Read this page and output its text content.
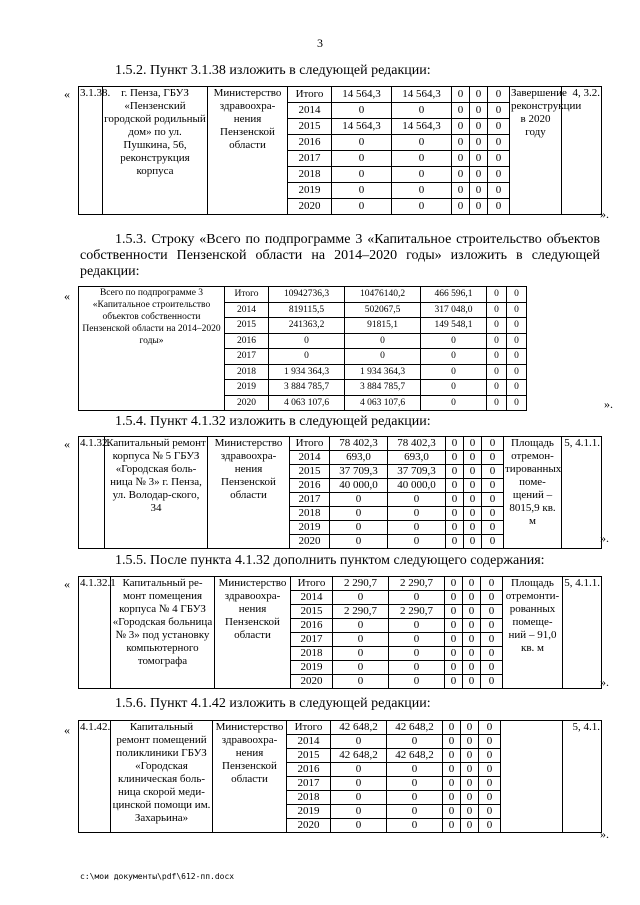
3

1.5.2. Пункт 3.1.38 изложить в следующей редакции:

« 3.1.38.	г. Пенза, ГБУЗ «Пензенский городской родильный дом» по ул. Пушкина, 56, реконструкция корпуса	Министерство здравоохра-нения Пензенской области	Итого	14 564,3	14 564,3	0	0	0	Завершение реконструкции в 2020 году	4, 3.2.
			2014	0	0	0	0	0		
			2015	14 564,3	14 564,3	0	0	0		
			2016	0	0	0	0	0		
			2017	0	0	0	0	0		
			2018	0	0	0	0	0		
			2019	0	0	0	0	0		
			2020	0	0	0	0	0		
».

1.5.3. Строку «Всего по подпрограмме 3 «Капитальное строительство объектов собственности Пензенской области на 2014–2020 годы» изложить в следующей редакции:

«	Всего по подпрограмме 3 «Капитальное строительство объектов собственности Пензенской области на 2014–2020 годы»	Итого	10942736,3	10476140,2	466 596,1	0	0
	2014	819115,5	502067,5	317 048,0	0	0
	2015	241363,2	91815,1	149 548,1	0	0
	2016	0	0	0	0	0
	2017	0	0	0	0	0
	2018	1 934 364,3	1 934 364,3	0	0	0
	2019	3 884 785,7	3 884 785,7	0	0	0
	2020	4 063 107,6	4 063 107,6	0	0	0	».

1.5.4. Пункт 4.1.32 изложить в следующей редакции:

« 4.1.32.	Капитальный ремонт корпуса № 5 ГБУЗ «Городская боль-ница № 3» г. Пенза, ул. Володар-ского, 34	Министерство здравоохра-нения Пензенской области	Итого	78 402,3	78 402,3	0	0	0	Площадь отремон-тированных поме-щений – 8015,9 кв. м	5, 4.1.1.
			2014	693,0	693,0	0	0	0		
			2015	37 709,3	37 709,3	0	0	0		
			2016	40 000,0	40 000,0	0	0	0		
			2017	0	0	0	0	0		
			2018	0	0	0	0	0		
			2019	0	0	0	0	0		
			2020	0	0	0	0	0			».

1.5.5. После пункта 4.1.32 дополнить пунктом следующего содержания:

« 4.1.32.1	Капитальный ре-монт помещения корпуса № 4 ГБУЗ «Городская больница № 3» под установку компьютерного томографа	Министерство здравоохра-нения Пензенской области	Итого	2 290,7	2 290,7	0	0	0	Площадь отремонти-рованных помеще-ний – 91,0 кв. м	5, 4.1.1.
			2014	0	0	0	0	0		
			2015	2 290,7	2 290,7	0	0	0		
			2016	0	0	0	0	0		
			2017	0	0	0	0	0		
			2018	0	0	0	0	0		
			2019	0	0	0	0	0		
			2020	0	0	0	0	0			».

1.5.6. Пункт 4.1.42 изложить в следующей редакции:

« 4.1.42.	Капитальный ремонт помещений поликлиники ГБУЗ «Городская клиническая боль-ница скорой меди-цинской помощи им. Захарьина»	Министерство здравоохра-нения Пензенской области	Итого	42 648,2	42 648,2	0	0	0		5, 4.1.
			2014	0	0	0	0	0		
			2015	42 648,2	42 648,2	0	0	0		
			2016	0	0	0	0	0		
			2017	0	0	0	0	0		
			2018	0	0	0	0	0		
			2019	0	0	0	0	0		
			2020	0	0	0	0	0		
».
c:\мои документы\pdf\612-пп.docx
